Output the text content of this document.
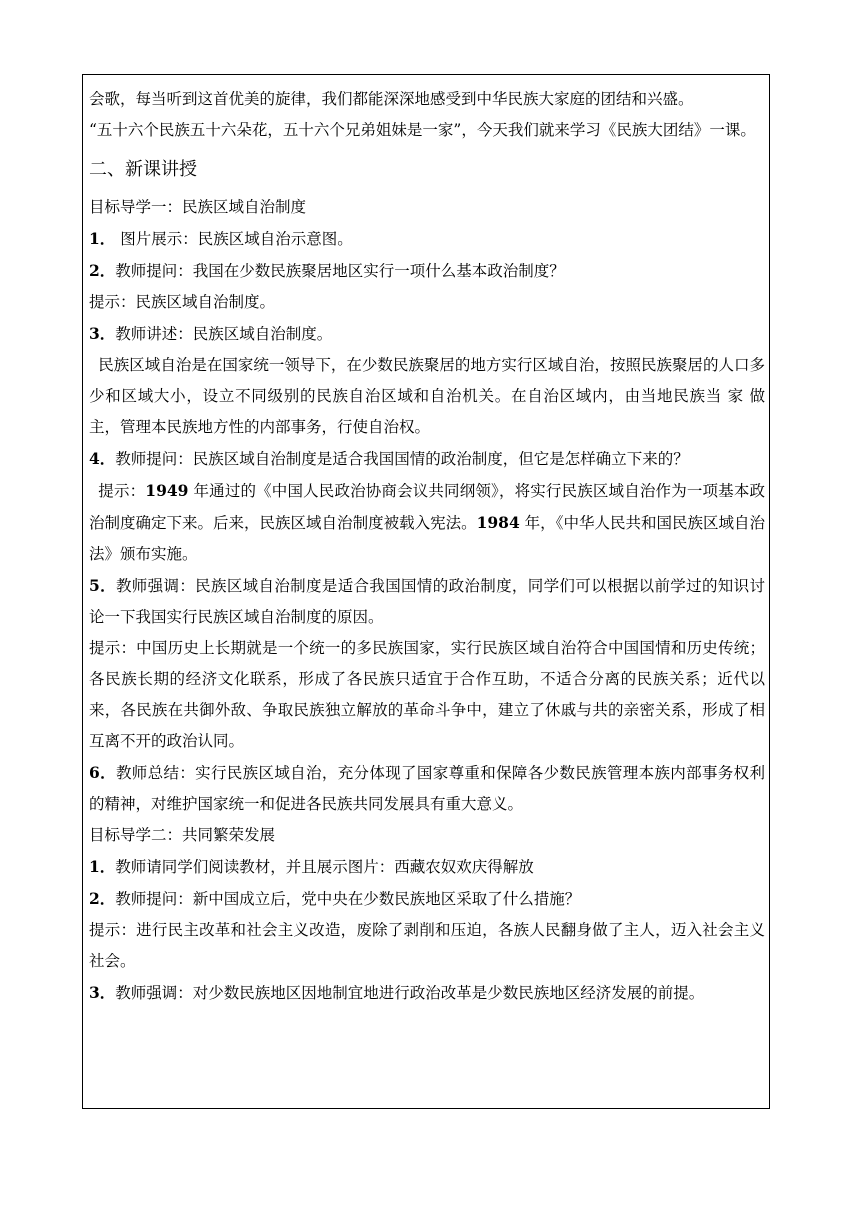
会歌，每当听到这首优美的旋律，我们都能深深地感受到中华民族大家庭的团结和兴盛。

“五十六个民族五十六朵花，五十六个兄弟姐妹是一家”，今天我们就来学习《民族大团结》一课。

二、新课讲授

目标导学一：民族区域自治制度

1． 图片展示：民族区域自治示意图。

2．教师提问：我国在少数民族聚居地区实行一项什么基本政治制度？

提示：民族区域自治制度。

3．教师讲述：民族区域自治制度。

民族区域自治是在国家统一领导下，在少数民族聚居的地方实行区域自治，按照民族聚居的人口多少和区域大小，设立不同级别的民族自治区域和自治机关。在自治区域内，由当地民族当 家 做主，管理本民族地方性的内部事务，行使自治权。

4．教师提问：民族区域自治制度是适合我国国情的政治制度，但它是怎样确立下来的？

提示：1949 年通过的《中国人民政治协商会议共同纲领》，将实行民族区域自治作为一项基本政治制度确定下来。后来，民族区域自治制度被载入宪法。1984 年，《中华人民共和国民族区域自治法》颁布实施。

5．教师强调：民族区域自治制度是适合我国国情的政治制度，同学们可以根据以前学过的知识讨论一下我国实行民族区域自治制度的原因。

提示：中国历史上长期就是一个统一的多民族国家，实行民族区域自治符合中国国情和历史传统；各民族长期的经济文化联系，形成了各民族只适宜于合作互助，不适合分离的民族关系；近代以来，各民族在共御外敌、争取民族独立解放的革命斗争中，建立了休戚与共的亲密关系，形成了相互离不开的政治认同。

6．教师总结：实行民族区域自治，充分体现了国家尊重和保障各少数民族管理本族内部事务权利的精神，对维护国家统一和促进各民族共同发展具有重大意义。

目标导学二：共同繁荣发展

1．教师请同学们阅读教材，并且展示图片：西藏农奴欢庆得解放

2．教师提问：新中国成立后，党中央在少数民族地区采取了什么措施？

提示：进行民主改革和社会主义改造，废除了剥削和压迫，各族人民翻身做了主人，迈入社会主义社会。

3．教师强调：对少数民族地区因地制宜地进行政治改革是少数民族地区经济发展的前提。
